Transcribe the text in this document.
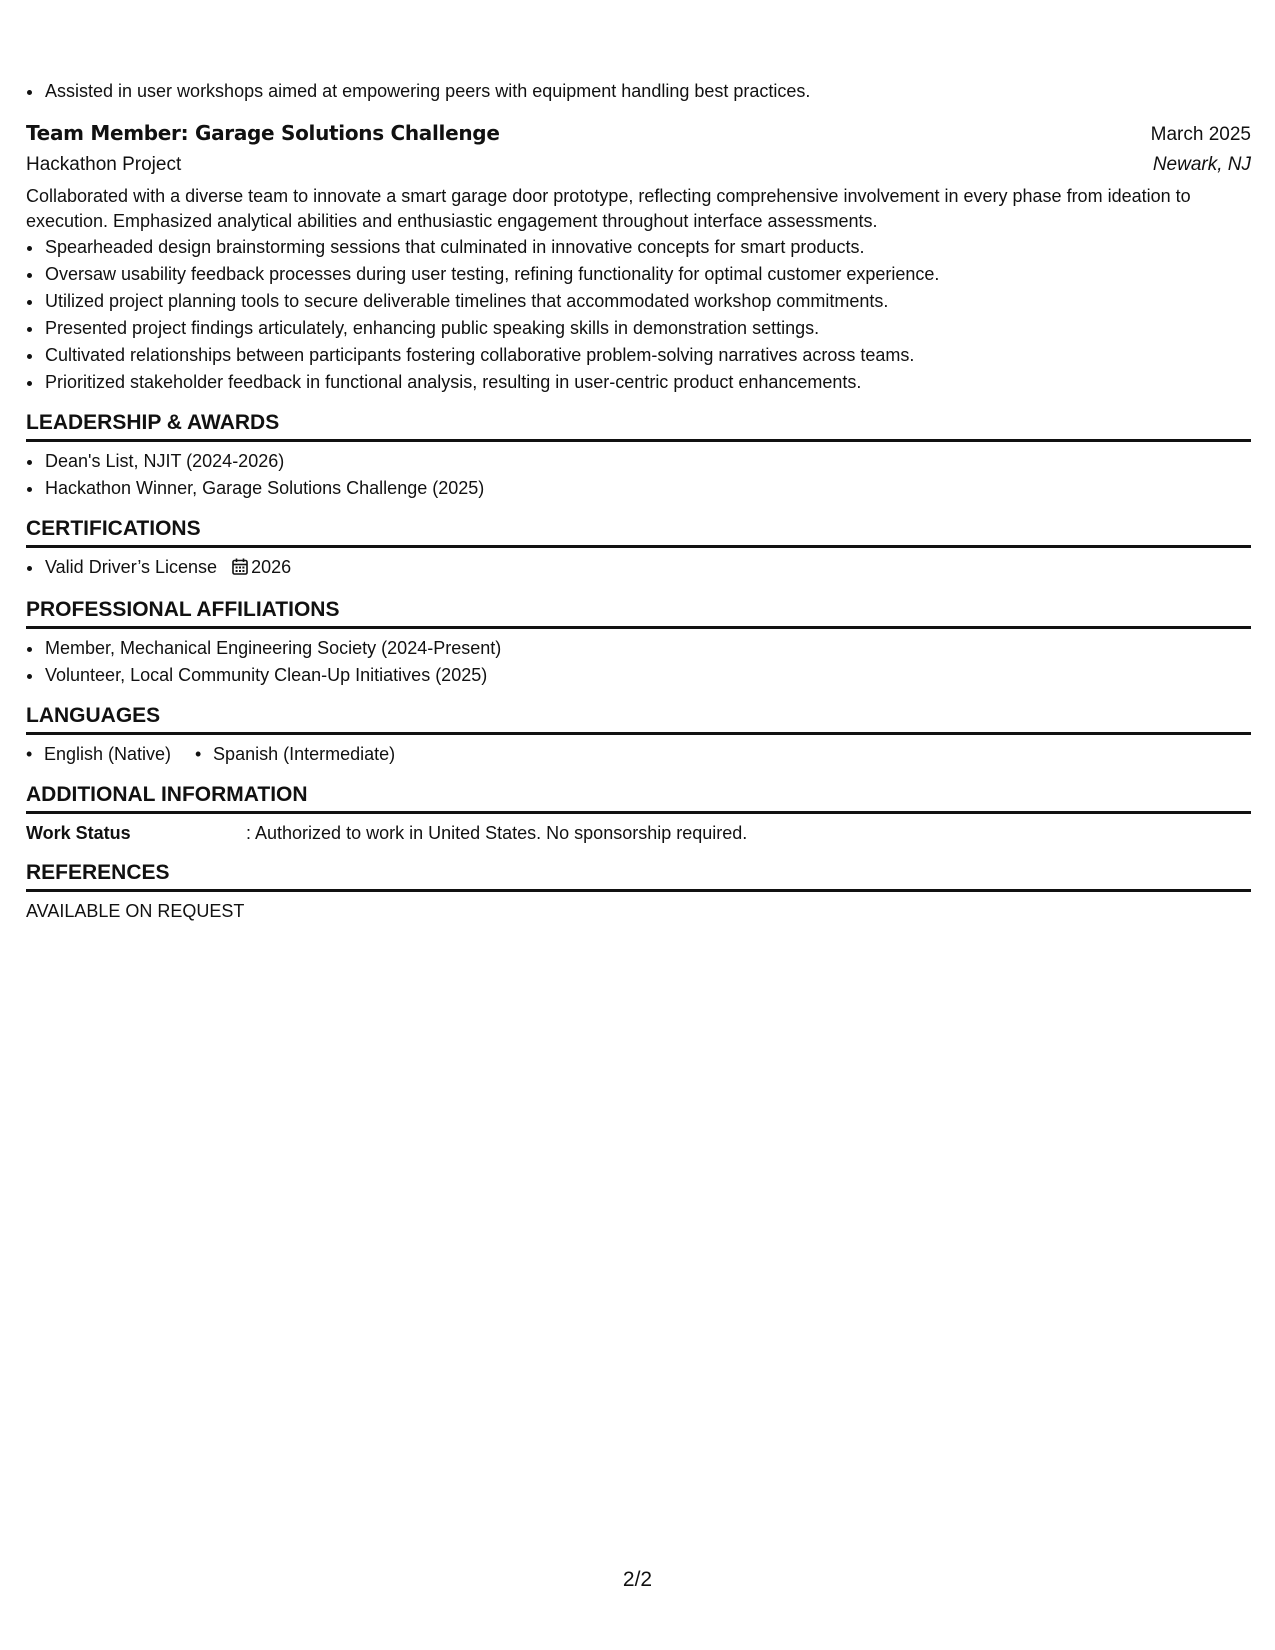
• Assisted in user workshops aimed at empowering peers with equipment handling best practices.
Team Member: Garage Solutions Challenge	March 2025
Hackathon Project	Newark, NJ
Collaborated with a diverse team to innovate a smart garage door prototype, reflecting comprehensive involvement in every phase from ideation to execution. Emphasized analytical abilities and enthusiastic engagement throughout interface assessments.
• Spearheaded design brainstorming sessions that culminated in innovative concepts for smart products.
• Oversaw usability feedback processes during user testing, refining functionality for optimal customer experience.
• Utilized project planning tools to secure deliverable timelines that accommodated workshop commitments.
• Presented project findings articulately, enhancing public speaking skills in demonstration settings.
• Cultivated relationships between participants fostering collaborative problem-solving narratives across teams.
• Prioritized stakeholder feedback in functional analysis, resulting in user-centric product enhancements.
LEADERSHIP & AWARDS
• Dean's List, NJIT (2024-2026)
• Hackathon Winner, Garage Solutions Challenge (2025)
CERTIFICATIONS
• Valid Driver’s License 2026
PROFESSIONAL AFFILIATIONS
• Member, Mechanical Engineering Society (2024-Present)
• Volunteer, Local Community Clean-Up Initiatives (2025)
LANGUAGES
• English (Native)
•	Spanish (Intermediate)
ADDITIONAL INFORMATION
Work Status	: Authorized to work in United States. No sponsorship required.
REFERENCES
AVAILABLE ON REQUEST
2/2
